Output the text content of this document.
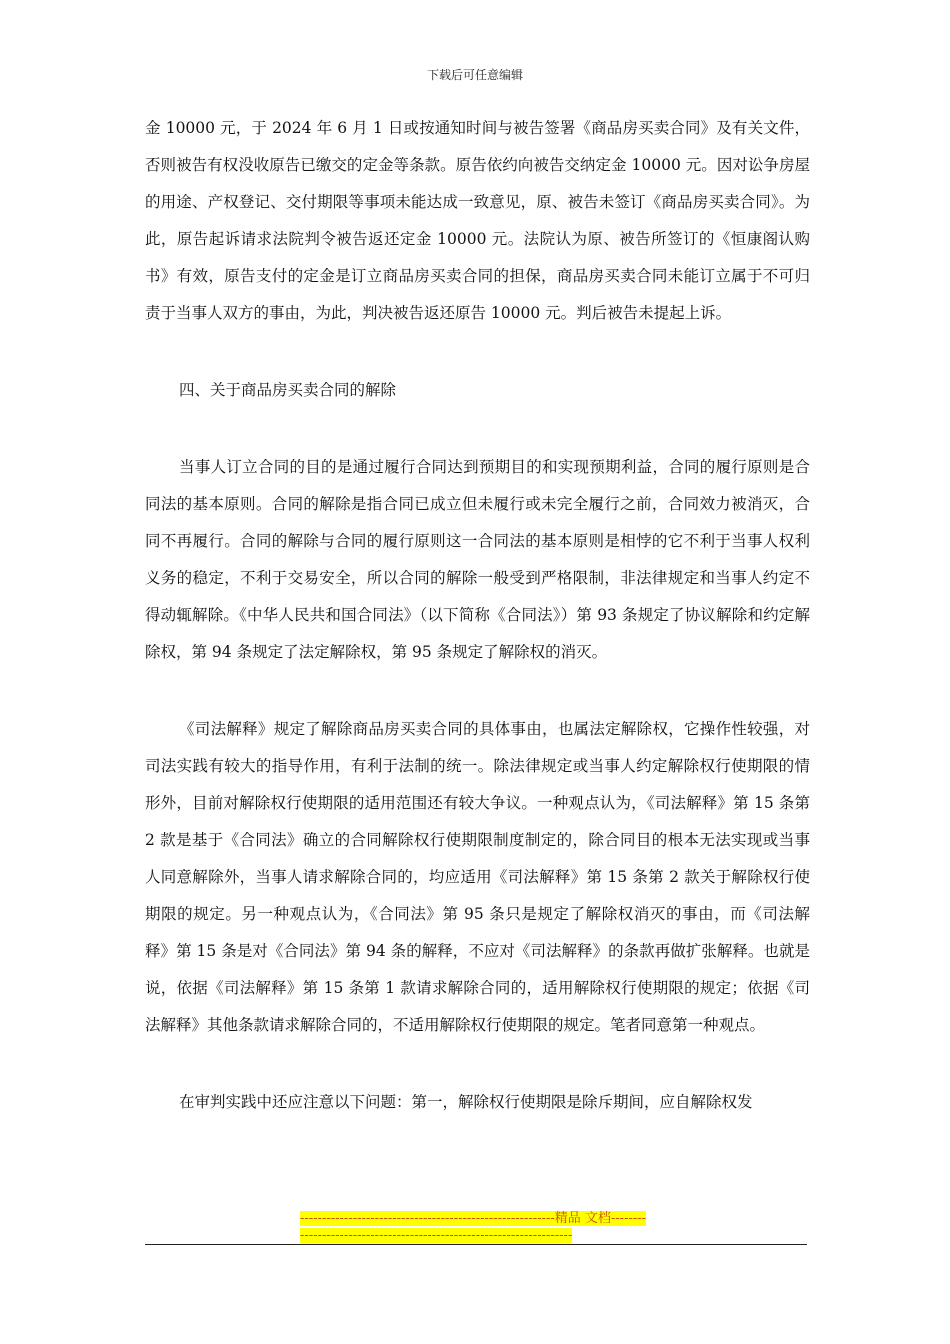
下载后可任意编辑

金 10000 元，于 2024 年 6 月 1 日或按通知时间与被告签署《商品房买卖合同》及有关文件，否则被告有权没收原告已缴交的定金等条款。原告依约向被告交纳定金 10000 元。因对讼争房屋的用途、产权登记、交付期限等事项未能达成一致意见，原、被告未签订《商品房买卖合同》。为此，原告起诉请求法院判令被告返还定金 10000 元。法院认为原、被告所签订的《恒康阁认购书》有效，原告支付的定金是订立商品房买卖合同的担保，商品房买卖合同未能订立属于不可归责于当事人双方的事由，为此，判决被告返还原告 10000 元。判后被告未提起上诉。

四、关于商品房买卖合同的解除

当事人订立合同的目的是通过履行合同达到预期目的和实现预期利益，合同的履行原则是合同法的基本原则。合同的解除是指合同已成立但未履行或未完全履行之前，合同效力被消灭，合同不再履行。合同的解除与合同的履行原则这一合同法的基本原则是相悖的它不利于当事人权利义务的稳定，不利于交易安全，所以合同的解除一般受到严格限制，非法律规定和当事人约定不得动辄解除。《中华人民共和国合同法》（以下简称《合同法》）第 93 条规定了协议解除和约定解除权，第 94 条规定了法定解除权，第 95 条规定了解除权的消灭。

《司法解释》规定了解除商品房买卖合同的具体事由，也属法定解除权，它操作性较强，对司法实践有较大的指导作用，有利于法制的统一。除法律规定或当事人约定解除权行使期限的情形外，目前对解除权行使期限的适用范围还有较大争议。一种观点认为，《司法解释》第 15 条第 2 款是基于《合同法》确立的合同解除权行使期限制度制定的，除合同目的根本无法实现或当事人同意解除外，当事人请求解除合同的，均应适用《司法解释》第 15 条第 2 款关于解除权行使期限的规定。另一种观点认为，《合同法》第 95 条只是规定了解除权消灭的事由，而《司法解释》第 15 条是对《合同法》第 94 条的解释，不应对《司法解释》的条款再做扩张解释。也就是说，依据《司法解释》第 15 条第 1 款请求解除合同的，适用解除权行使期限的规定；依据《司法解释》其他条款请求解除合同的，不适用解除权行使期限的规定。笔者同意第一种观点。

在审判实践中还应注意以下问题：第一，解除权行使期限是除斥期间，应自解除权发

----------------------------------------------------------精品 文档----------------------------------------------------------------------
